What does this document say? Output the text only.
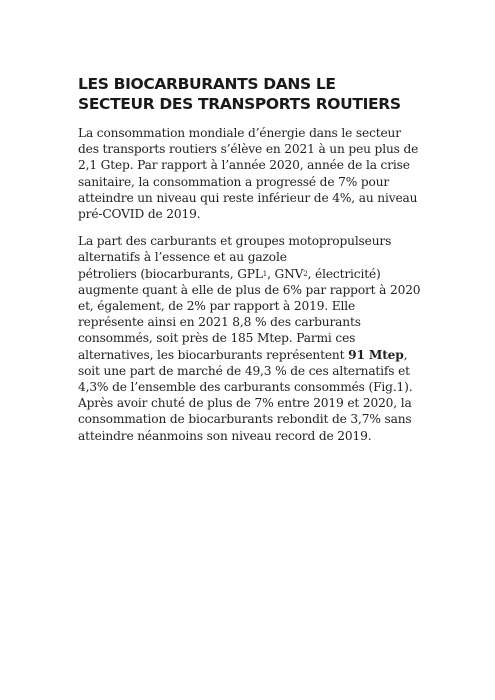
LES BIOCARBURANTS DANS LE
SECTEUR DES TRANSPORTS ROUTIERS

La consommation mondiale d’énergie dans le secteur
des transports routiers s’élève en 2021 à un peu plus de
2,1 Gtep. Par rapport à l’année 2020, année de la crise
sanitaire, la consommation a progressé de 7% pour
atteindre un niveau qui reste inférieur de 4%, au niveau
pré-COVID de 2019.

La part des carburants et groupes motopropulseurs
alternatifs à l’essence et au gazole
pétroliers (biocarburants, GPL$^1$, GNV$^2$, électricité)
augmente quant à elle de plus de 6% par rapport à 2020
et, également, de 2% par rapport à 2019. Elle
représente ainsi en 2021 8,8 % des carburants
consommés, soit près de 185 Mtep. Parmi ces
alternatives, les biocarburants représentent 91 Mtep,
soit une part de marché de 49,3 % de ces alternatifs et
4,3% de l’ensemble des carburants consommés (Fig.1).
Après avoir chuté de plus de 7% entre 2019 et 2020, la
consommation de biocarburants rebondit de 3,7% sans
atteindre néanmoins son niveau record de 2019.
